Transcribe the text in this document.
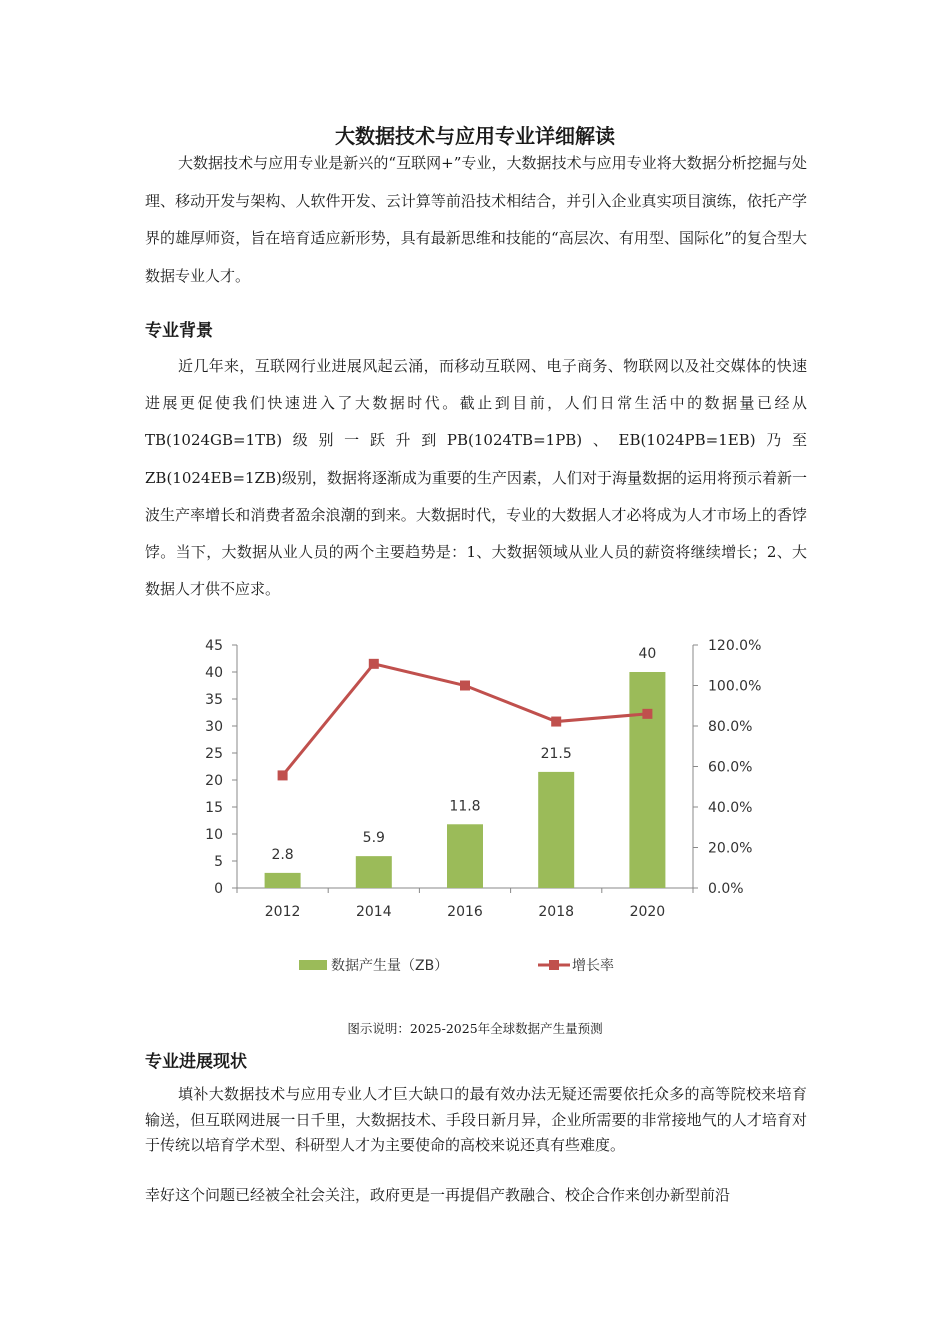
大数据技术与应用专业详细解读

大数据技术与应用专业是新兴的“互联网+”专业，大数据技术与应用专业将大数据分析挖掘与处理、移动开发与架构、人软件开发、云计算等前沿技术相结合，并引入企业真实项目演练，依托产学界的雄厚师资，旨在培育适应新形势，具有最新思维和技能的“高层次、有用型、国际化”的复合型大数据专业人才。

专业背景

近几年来，互联网行业进展风起云涌，而移动互联网、电子商务、物联网以及社交媒体的快速进展更促使我们快速进入了大数据时代。截止到目前，人们日常生活中的数据量已经从TB(1024GB=1TB)级别一跃升到PB(1024TB=1PB)、EB(1024PB=1EB)乃至ZB(1024EB=1ZB)级别，数据将逐渐成为重要的生产因素，人们对于海量数据的运用将预示着新一波生产率增长和消费者盈余浪潮的到来。大数据时代，专业的大数据人才必将成为人才市场上的香饽饽。当下，大数据从业人员的两个主要趋势是：1、大数据领域从业人员的薪资将继续增长；2、大数据人才供不应求。

0
5
10
15
20
25
30
35
40
45
0.0%
20.0%
40.0%
60.0%
80.0%
100.0%
120.0%
2012	2014	2016	2018	2020
2.8
5.9
11.8
21.5
40
数据产生量（ZB）	增长率
图示说明：2025-2025年全球数据产生量预测
专业进展现状

填补大数据技术与应用专业人才巨大缺口的最有效办法无疑还需要依托众多的高等院校来培育输送，但互联网进展一日千里，大数据技术、手段日新月异，企业所需要的非常接地气的人才培育对于传统以培育学术型、科研型人才为主要使命的高校来说还真有些难度。

幸好这个问题已经被全社会关注，政府更是一再提倡产教融合、校企合作来创办新型前沿
